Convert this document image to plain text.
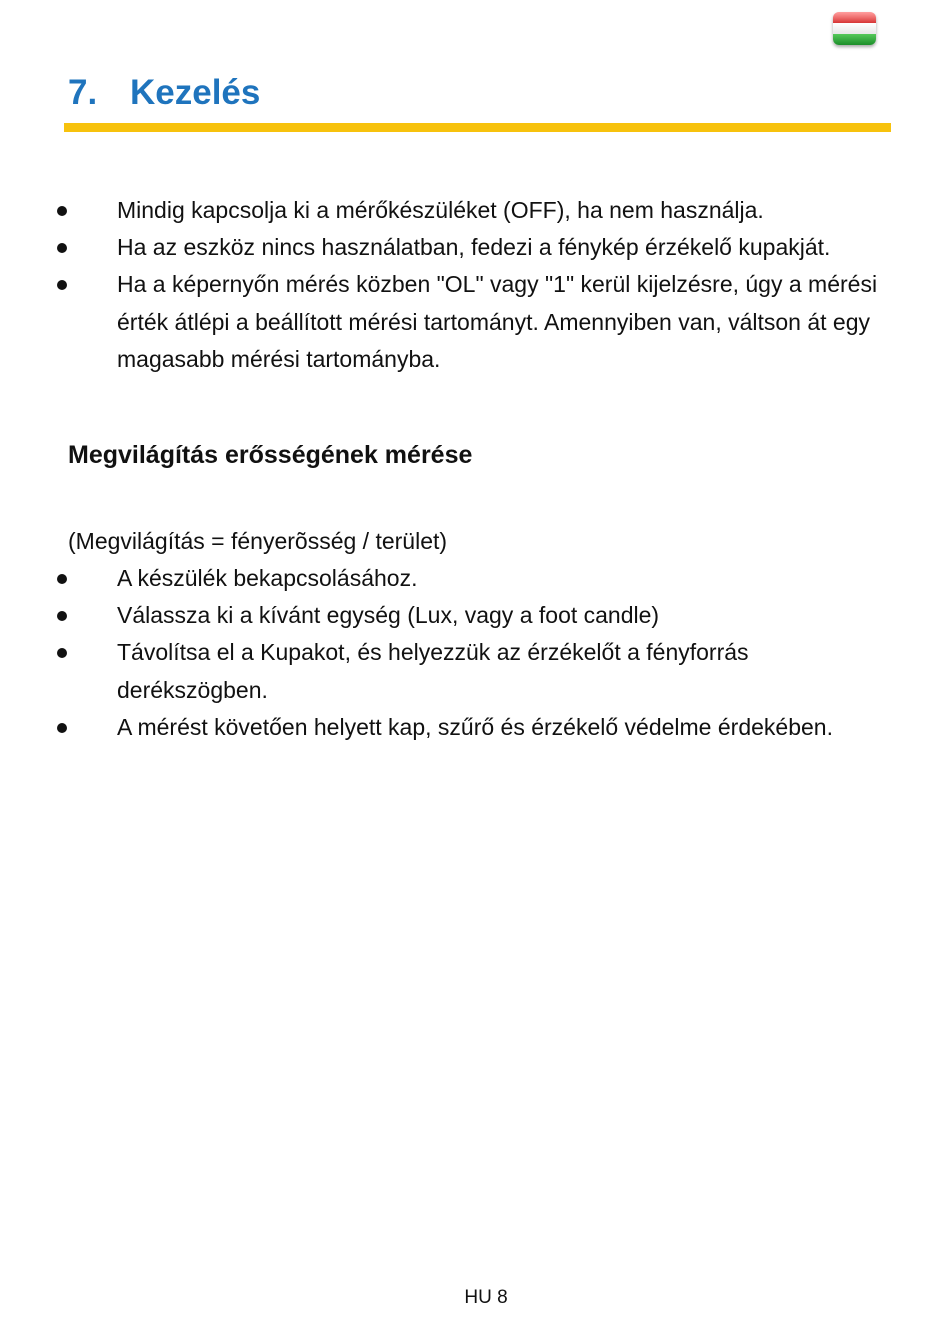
7. Kezelés
Mindig kapcsolja ki a mérőkészüléket (OFF), ha nem használja.
Ha az eszköz nincs használatban, fedezi a fénykép érzékelő kupakját.
Ha a képernyőn mérés közben "OL" vagy "1" kerül kijelzésre, úgy a mérési érték átlépi a beállított mérési tartományt. Amennyiben van, váltson át egy magasabb mérési tartományba.
Megvilágítás erősségének mérése

(Megvilágítás = fényerõsség / terület)

A készülék bekapcsolásához.
Válassza ki a kívánt egység (Lux, vagy a foot candle)
Távolítsa el a Kupakot, és helyezzük az érzékelőt a fényforrás derékszögben.
A mérést követően helyett kap, szűrő és érzékelő védelme érdekében.
HU 8
